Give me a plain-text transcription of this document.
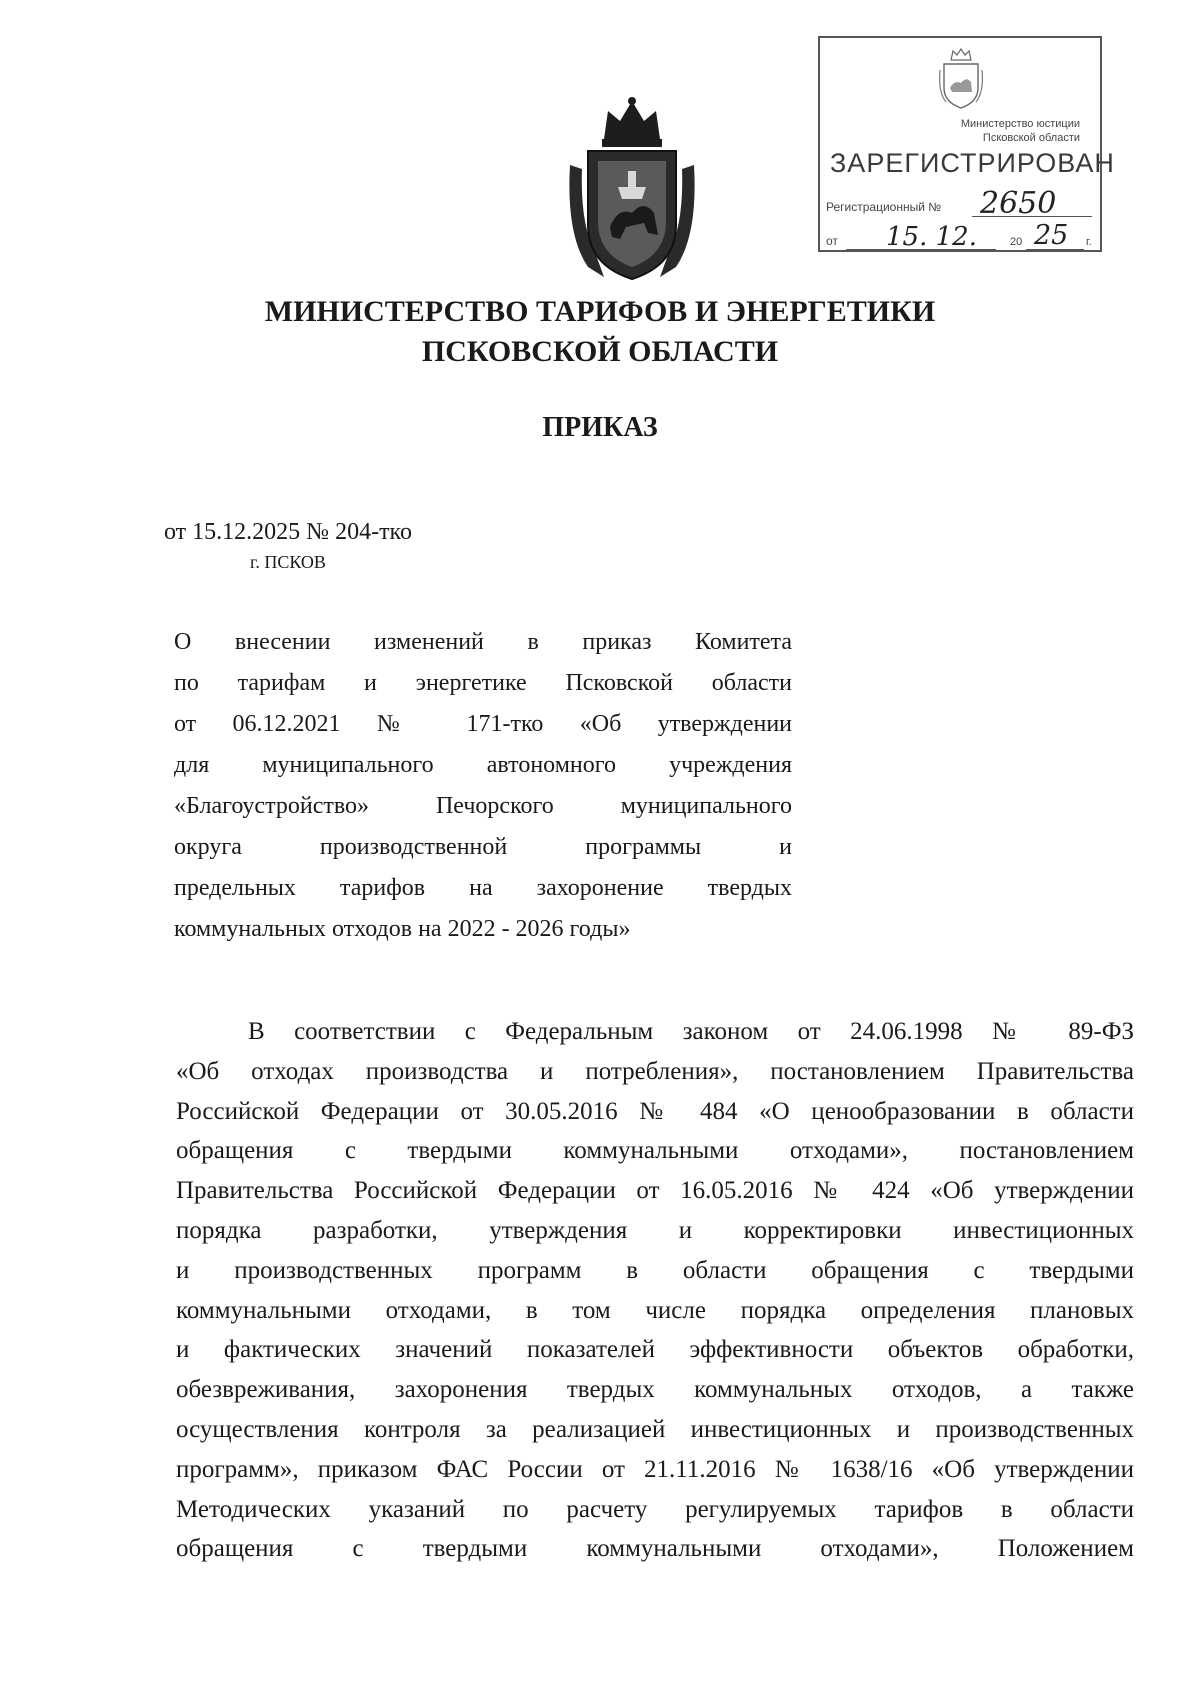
Министерство юстиции
Псковской области
ЗАРЕГИСТРИРОВАН
Регистрационный № 2650
от 15. 12.	20 25 г.
МИНИСТЕРСТВО ТАРИФОВ И ЭНЕРГЕТИКИ
ПСКОВСКОЙ ОБЛАСТИ
ПРИКАЗ
от 15.12.2025 № 204-тко
г. ПСКОВ
О внесении изменений в приказ Комитета
по тарифам и энергетике Псковской области
от 06.12.2021 № 171-тко «Об утверждении
для муниципального автономного учреждения
«Благоустройство» Печорского муниципального
округа производственной программы и
предельных тарифов на захоронение твердых
коммунальных отходов на 2022 - 2026 годы»
В соответствии с Федеральным законом от 24.06.1998 № 89-ФЗ
«Об отходах производства и потребления», постановлением Правительства
Российской Федерации от 30.05.2016 № 484 «О ценообразовании в области
обращения с твердыми коммунальными отходами», постановлением
Правительства Российской Федерации от 16.05.2016 № 424 «Об утверждении
порядка разработки, утверждения и корректировки инвестиционных
и производственных программ в области обращения с твердыми
коммунальными отходами, в том числе порядка определения плановых
и фактических значений показателей эффективности объектов обработки,
обезвреживания, захоронения твердых коммунальных отходов, а также
осуществления контроля за реализацией инвестиционных и производственных
программ», приказом ФАС России от 21.11.2016 № 1638/16 «Об утверждении
Методических указаний по расчету регулируемых тарифов в области
обращения с твердыми коммунальными отходами», Положением
